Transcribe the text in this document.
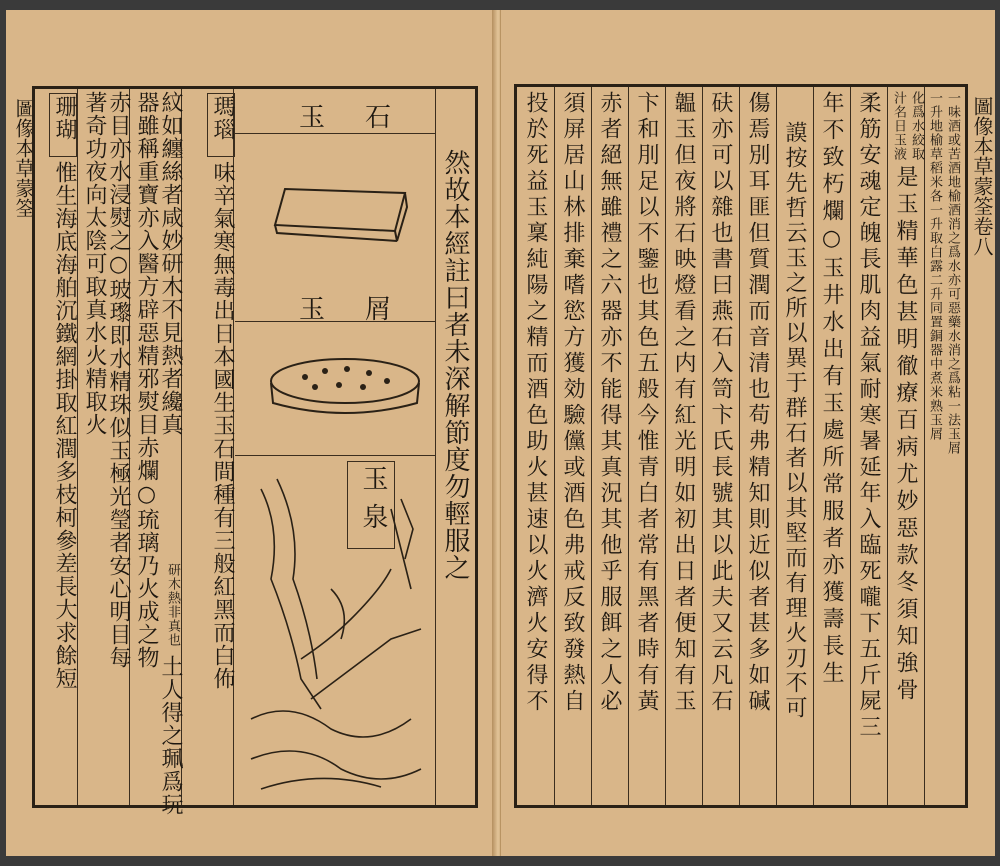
圖像本草蒙筌	然故本經註曰者未深解節度勿輕服之
瑪瑙
味辛氣寒無毒出日本國生玉石間種有三般紅黑而白佈
紋如纏絲者咸妙研木不見熱者纔真
研木熱非真也
土人得之珮爲玩
器雖稱重寶亦入醫方辟惡精邪熨目赤爛○琉璃乃火成之物
赤目亦水浸熨之○玻瓈即水精珠似玉極光瑩者安心明目每
著奇功夜向太陰可取真水火精取火
珊瑚
惟生海底海舶沉鐵網掛取紅潤多枝柯參差長大求餘短
玉石
玉屑
玉泉
圖像本草蒙筌卷八
一味酒或苦酒地榆酒消之爲水亦可惡藥水消之爲粘一法玉屑
一升地榆草稻米各一升取白露二升同置銅器中煮米熟玉屑
化爲水絞取
汁名日玉液
是玉精華色甚明徹療百病尤妙惡款冬須知強骨
柔筋安魂定魄長肌肉益氣耐寒暑延年入臨死嚨下五斤屍三
年不致朽爛○玉井水出有玉處所常服者亦獲壽長生
謨按先哲云玉之所以異于群石者以其堅而有理火刃不可
傷焉別耳匪但質潤而音清也苟弗精知則近似者甚多如碱
砆亦可以雜也書曰燕石入笥卞氏長號其以此夫又云凡石
韞玉但夜將石映燈看之内有紅光明如初出日者便知有玉
卞和刖足以不鑒也其色五般今惟青白者常有黑者時有黃
赤者絕無雖禮之六器亦不能得其真況其他乎服餌之人必
須屏居山林排棄嗜慾方獲効驗儻或酒色弗戒反致發熱自
投於死益玉稟純陽之精而酒色助火甚速以火濟火安得不
